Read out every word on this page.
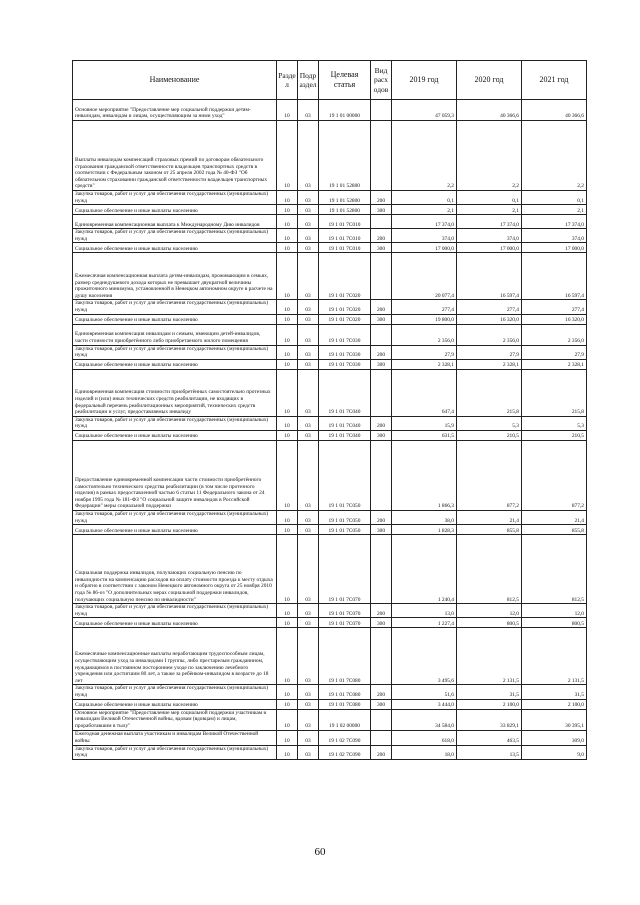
Наименование	Разде л	Подр аздел	Целевая статья	Вид расх одов	2019 год	2020 год	2021 год
Основное мероприятие "Предоставление мер социальной поддержки детям-инвалидам, инвалидам и лицам, осуществляющим за ними уход"	10	03	19 1 01 00000		47 059,3	40 366,6	40 366,6
Выплаты инвалидам компенсаций страховых премий по договорам обязательного страхования гражданской ответственности владельцев транспортных средств в соответствии с Федеральным законом от 25 апреля 2002 года № 40-ФЗ "Об обязательном страховании гражданской ответственности владельцев транспортных средств"	10	03	19 1 01 52800		2,2	2,2	2,2
Закупка товаров, работ и услуг для обеспечения государственных (муниципальных) нужд	10	03	19 1 01 52800	200	0,1	0,1	0,1
Социальное обеспечение и иные выплаты населению	10	03	19 1 01 52800	300	2,1	2,1	2,1
Единовременная компенсационная выплата к Международному Дню инвалидов	10	03	19 1 01 7С010		17 374,0	17 374,0	17 374,0
Закупка товаров, работ и услуг для обеспечения государственных (муниципальных) нужд	10	03	19 1 01 7С010	200	374,0	374,0	374,0
Социальное обеспечение и иные выплаты населению	10	03	19 1 01 7С010	300	17 000,0	17 000,0	17 000,0
Ежемесячная компенсационная выплата детям-инвалидам, проживающим в семьях, размер среднедушевого дохода которых не превышает двукратной величины прожиточного минимума, установленной в Ненецком автономном округе в расчете на душу населения	10	03	19 1 01 7С020		20 077,4	16 597,4	16 597,4
Закупка товаров, работ и услуг для обеспечения государственных (муниципальных) нужд	10	03	19 1 01 7С020	200	277,4	277,4	277,4
Социальное обеспечение и иные выплаты населению	10	03	19 1 01 7С020	300	19 800,0	16 320,0	16 320,0
Единовременная компенсация инвалидам и семьям, имеющим детей-инвалидов, части стоимости приобретённого либо приобретаемого жилого помещения	10	03	19 1 01 7С030		2 356,0	2 356,0	2 356,0
Закупка товаров, работ и услуг для обеспечения государственных (муниципальных) нужд	10	03	19 1 01 7С030	200	27,9	27,9	27,9
Социальное обеспечение и иные выплаты населению	10	03	19 1 01 7С030	300	2 328,1	2 328,1	2 328,1
Единовременная компенсация стоимости приобретённых самостоятельно протезных изделий и (или) иных технических средств реабилитации, не входящих в федеральный перечень реабилитационных мероприятий, технических средств реабилитации и услуг, предоставляемых инвалиду	10	03	19 1 01 7С040		647,4	215,8	215,8
Закупка товаров, работ и услуг для обеспечения государственных (муниципальных) нужд	10	03	19 1 01 7С040	200	15,9	5,3	5,3
Социальное обеспечение и иные выплаты населению	10	03	19 1 01 7С040	300	631,5	210,5	210,5
Предоставление единовременной компенсации части стоимости приобретённого самостоятельно технического средства реабилитации (в том числе протезного изделия) в рамках предоставленной частью 6 статьи 11 Федерального закона от 24 ноября 1995 года № 181-ФЗ "О социальной защите инвалидов в Российской Федерации" меры социальной поддержки	10	03	19 1 01 7С050		1 866,3	877,2	877,2
Закупка товаров, работ и услуг для обеспечения государственных (муниципальных) нужд	10	03	19 1 01 7С050	200	38,0	21,4	21,4
Социальное обеспечение и иные выплаты населению	10	03	19 1 01 7С050	300	1 828,3	855,8	855,8
Социальная поддержка инвалидов, получающих социальную пенсию по инвалидности на компенсацию расходов на оплату стоимости проезда к месту отдыха и обратно в соответствии с законом Ненецкого автономного округа от 25 ноября 2010 года № 86-оз "О дополнительных мерах социальной поддержки инвалидов, получающих социальную пенсию по инвалидности"	10	03	19 1 01 7С070		1 240,4	812,5	812,5
Закупка товаров, работ и услуг для обеспечения государственных (муниципальных) нужд	10	03	19 1 01 7С070	200	13,0	12,0	12,0
Социальное обеспечение и иные выплаты населению	10	03	19 1 01 7С070	300	1 227,4	800,5	800,5
Ежемесячные компенсационные выплаты неработающим трудоспособным лицам, осуществляющим уход за инвалидами I группы, либо престарелым гражданином, нуждающимся в постоянном постороннем уходе по заключению лечебного учреждения или достигшим 80 лет, а также за ребёнком-инвалидом в возрасте до 18 лет	10	03	19 1 01 7С080		3 495,6	2 131,5	2 131,5
Закупка товаров, работ и услуг для обеспечения государственных (муниципальных) нужд	10	03	19 1 01 7С080	200	51,6	31,5	31,5
Социальное обеспечение и иные выплаты населению	10	03	19 1 01 7С080	300	3 444,0	2 100,0	2 100,0
Основное мероприятие "Предоставление мер социальной поддержки участникам и инвалидам Великой Отечественной войны, вдовам (вдовцам) и лицам, проработавшим в тылу"	10	03	19 1 02 00000		34 584,0	33 829,1	30 395,1
Ежегодная денежная выплата участникам и инвалидам Великой Отечественной войны	10	03	19 1 02 7С090		618,0	463,5	309,0
Закупка товаров, работ и услуг для обеспечения государственных (муниципальных) нужд	10	03	19 1 02 7С090	200	18,0	13,5	9,0
60
